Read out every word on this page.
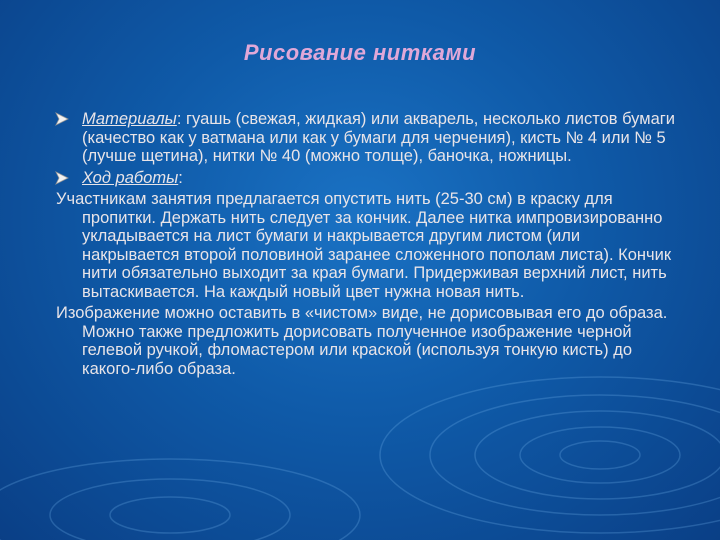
Рисование нитками
Материалы: гуашь (свежая, жидкая) или акварель, несколько листов бумаги (качество как у ватмана или как у бумаги для черчения), кисть № 4 или № 5 (лучше щетина), нитки № 40 (можно толще), баночка, ножницы.
Ход работы:
Участникам занятия предлагается опустить нить (25-30 см) в краску для пропитки. Держать нить следует за кончик. Далее нитка импровизированно укладывается на лист бумаги и накрывается другим листом (или накрывается второй половиной заранее сложенного пополам листа). Кончик нити обязательно выходит за края бумаги. Придерживая верхний лист, нить вытаскивается. На каждый новый цвет нужна новая нить.
Изображение можно оставить в «чистом» виде, не дорисовывая его до образа. Можно также предложить дорисовать полученное изображение черной гелевой ручкой, фломастером или краской (используя тонкую кисть) до какого-либо образа.
